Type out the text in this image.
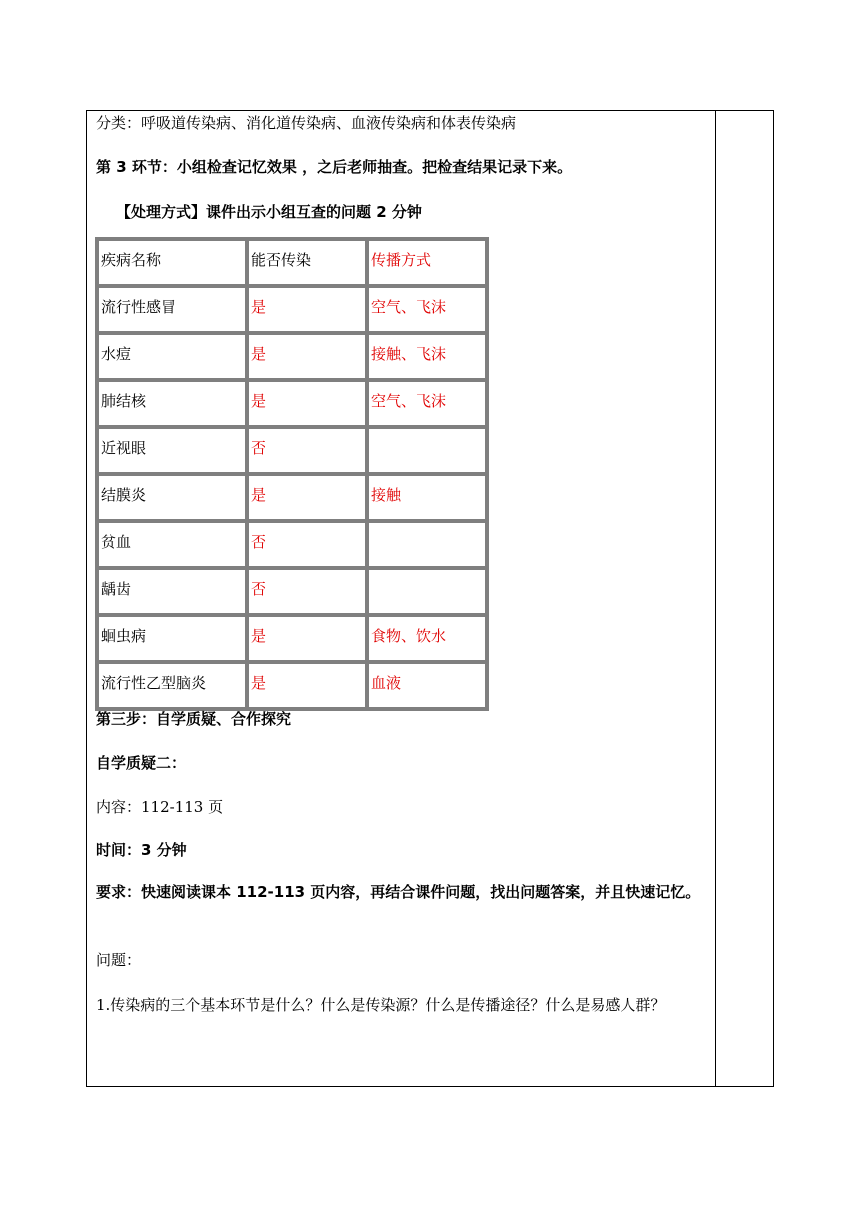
分类：呼吸道传染病、消化道传染病、血液传染病和体表传染病
第 3 环节：小组检查记忆效果 ，之后老师抽查。把检查结果记录下来。
【处理方式】课件出示小组互查的问题 2 分钟
疾病名称	能否传染	传播方式

流行性感冒	是	空气、飞沫

水痘	是	接触、飞沫

肺结核	是	空气、飞沫

近视眼	否	

结膜炎	是	接触

贫血	否	

龋齿	否	

蛔虫病	是	食物、饮水

流行性乙型脑炎	是	血液
第三步：自学质疑、合作探究
自学质疑二：
内容：112-113 页
时间：3 分钟
要求：快速阅读课本 112-113 页内容，再结合课件问题，找出问题答案，并且快速记忆。
问题：
1.传染病的三个基本环节是什么？什么是传染源？什么是传播途径？什么是易感人群？
